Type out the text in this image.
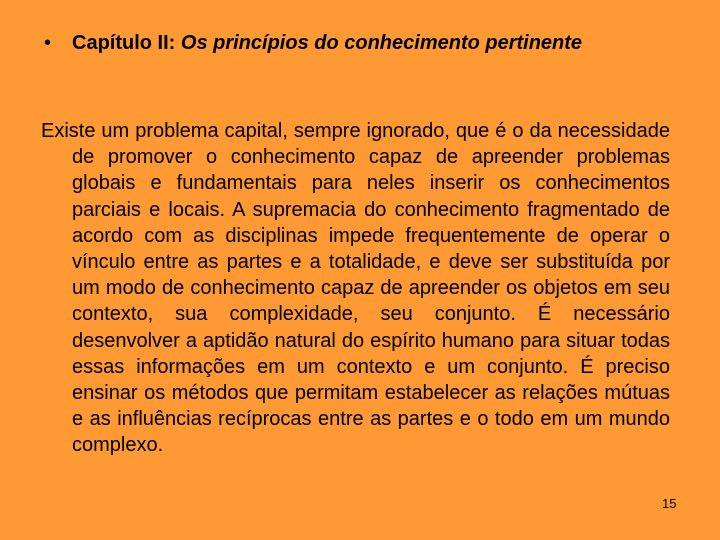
•	Capítulo II: Os princípios do conhecimento pertinente

Existe um problema capital, sempre ignorado, que é o da necessidade de promover o conhecimento capaz de apreender problemas globais e fundamentais para neles inserir os conhecimentos parciais e locais. A supremacia do conhecimento fragmentado de acordo com as disciplinas impede frequentemente de operar o vínculo entre as partes e a totalidade, e deve ser substituída por um modo de conhecimento capaz de apreender os objetos em seu contexto, sua complexidade, seu conjunto. É necessário desenvolver a aptidão natural do espírito humano para situar todas essas informações em um contexto e um conjunto. É preciso ensinar os métodos que permitam estabelecer as relações mútuas e as influências recíprocas entre as partes e o todo em um mundo complexo.

15
